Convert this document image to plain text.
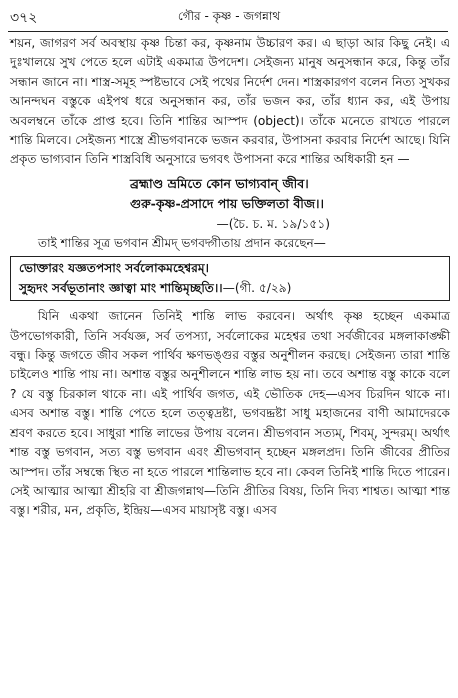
৩৭২	গৌর - কৃষ্ণ - জগন্নাথ

শয়ন, জাগরণ সর্ব অবস্থায় কৃষ্ণ চিন্তা কর, কৃষ্ণনাম উচ্চারণ কর। এ ছাড়া আর কিছু নেই। এ দুঃখালয়ে সুখ পেতে হলে এটাই একমাত্র উপদেশ। সেইজন্য মানুষ অনুসন্ধান করে, কিন্তু তাঁর সন্ধান জানে না। শাস্ত্র-সমূহ স্পষ্টভাবে সেই পথের নির্দেশ দেন। শাস্ত্রকারগণ বলেন নিত্য সুখকর আনন্দঘন বস্তুকে এইপথ ধরে অনুসন্ধান কর, তাঁর ভজন কর, তাঁর ধ্যান কর, এই উপায় অবলম্বনে তাঁকে প্রাপ্ত হবে। তিনি শান্তির আস্পদ (object)। তাঁকে মনেতে রাখতে পারলে শান্তি মিলবে। সেইজন্য শাস্ত্রে শ্রীভগবানকে ভজন করবার, উপাসনা করবার নির্দেশ আছে। যিনি প্রকৃত ভাগ্যবান তিনি শাস্ত্রবিধি অনুসারে ভগবৎ উপাসনা করে শান্তির অধিকারী হন —

ব্রহ্মাণ্ড ভ্রমিতে কোন ভাগ্যবান্ জীব।
গুরু-কৃষ্ণ-প্রসাদে পায় ভক্তিলতা বীজ।।
—(চৈ. চ. ম. ১৯/১৫১)

তাই শান্তির সূত্র ভগবান শ্রীমদ্ ভগবদ্গীতায় প্রদান করেছেন—

ভোক্তারং যজ্ঞতপসাং সর্বলোকমহেশ্বরম্।
সুহৃদং সর্বভূতানাং জ্ঞাত্বা মাং শান্তিমৃচ্ছতি।।—(গী. ৫/২৯)

যিনি একথা জানেন তিনিই শান্তি লাভ করবেন। অর্থাৎ কৃষ্ণ হচ্ছেন একমাত্র উপভোগকারী, তিনি সর্বযজ্ঞ, সর্ব তপস্যা, সর্বলোকের মহেশ্বর তথা সর্বজীবের মঙ্গলাকাঙ্ক্ষী বন্ধু। কিন্তু জগতে জীব সকল পার্থিব ক্ষণভঙ্গুর বস্তুর অনুশীলন করছে। সেইজন্য তারা শান্তি চাইলেও শান্তি পায় না। অশান্ত বস্তুর অনুশীলনে শান্তি লাভ হয় না। তবে অশান্ত বস্তু কাকে বলে ? যে বস্তু চিরকাল থাকে না। এই পার্থিব জগত, এই ভৌতিক দেহ—এসব চিরদিন থাকে না। এসব অশান্ত বস্তু। শান্তি পেতে হলে তত্ত্বদ্রষ্টা, ভগবদ্দ্রষ্টা সাধু মহাজনের বাণী আমাদেরকে শ্রবণ করতে হবে। সাধুরা শান্তি লাভের উপায় বলেন। শ্রীভগবান সত্যম্, শিবম্, সুন্দরম্। অর্থাৎ শান্ত বস্তু ভগবান, সত্য বস্তু ভগবান এবং শ্রীভগবান্ হচ্ছেন মঙ্গলপ্রদ। তিনি জীবের প্রীতির আস্পদ। তাঁর সম্বন্ধে স্থিত না হতে পারলে শান্তিলাভ হবে না। কেবল তিনিই শান্তি দিতে পারেন। সেই আত্মার আত্মা শ্রীহরি বা শ্রীজগন্নাথ—তিনি প্রীতির বিষয়, তিনি দিব্য শাশ্বত। আত্মা শান্ত বস্তু। শরীর, মন, প্রকৃতি, ইন্দ্রিয়—এসব মায়াসৃষ্ট বস্তু। এসব
